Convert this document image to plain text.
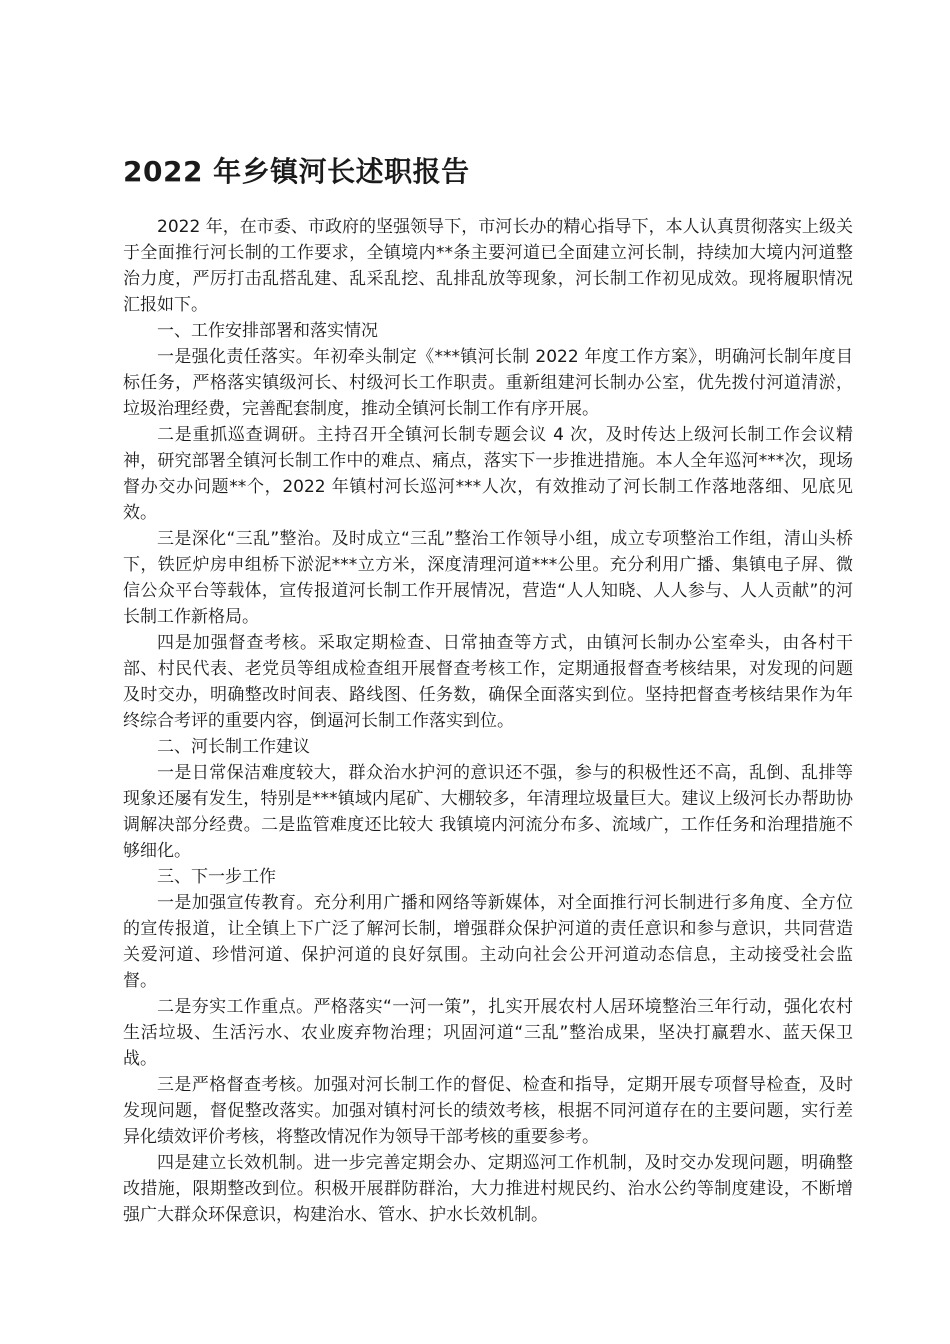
2022 年乡镇河长述职报告

2022 年，在市委、市政府的坚强领导下，市河长办的精心指导下，本人认真贯彻落实上级关于全面推行河长制的工作要求，全镇境内**条主要河道已全面建立河长制，持续加大境内河道整治力度，严厉打击乱搭乱建、乱采乱挖、乱排乱放等现象，河长制工作初见成效。现将履职情况汇报如下。

一、工作安排部署和落实情况

一是强化责任落实。年初牵头制定《***镇河长制 2022 年度工作方案》，明确河长制年度目标任务，严格落实镇级河长、村级河长工作职责。重新组建河长制办公室，优先拨付河道清淤，垃圾治理经费，完善配套制度，推动全镇河长制工作有序开展。

二是重抓巡查调研。主持召开全镇河长制专题会议 4 次，及时传达上级河长制工作会议精神，研究部署全镇河长制工作中的难点、痛点，落实下一步推进措施。本人全年巡河***次，现场督办交办问题**个，2022 年镇村河长巡河***人次，有效推动了河长制工作落地落细、见底见效。

三是深化“三乱”整治。及时成立“三乱”整治工作领导小组，成立专项整治工作组，清山头桥下，铁匠炉房申组桥下淤泥***立方米，深度清理河道***公里。充分利用广播、集镇电子屏、微信公众平台等载体，宣传报道河长制工作开展情况，营造“人人知晓、人人参与、人人贡献”的河长制工作新格局。

四是加强督查考核。采取定期检查、日常抽查等方式，由镇河长制办公室牵头，由各村干部、村民代表、老党员等组成检查组开展督查考核工作，定期通报督查考核结果，对发现的问题及时交办，明确整改时间表、路线图、任务数，确保全面落实到位。坚持把督查考核结果作为年终综合考评的重要内容，倒逼河长制工作落实到位。

二、河长制工作建议

一是日常保洁难度较大，群众治水护河的意识还不强，参与的积极性还不高，乱倒、乱排等现象还屡有发生，特别是***镇域内尾矿、大棚较多，年清理垃圾量巨大。建议上级河长办帮助协调解决部分经费。二是监管难度还比较大 我镇境内河流分布多、流域广，工作任务和治理措施不够细化。

三、下一步工作

一是加强宣传教育。充分利用广播和网络等新媒体，对全面推行河长制进行多角度、全方位的宣传报道，让全镇上下广泛了解河长制，增强群众保护河道的责任意识和参与意识，共同营造关爱河道、珍惜河道、保护河道的良好氛围。主动向社会公开河道动态信息，主动接受社会监督。

二是夯实工作重点。严格落实“一河一策”，扎实开展农村人居环境整治三年行动，强化农村生活垃圾、生活污水、农业废弃物治理；巩固河道“三乱”整治成果，坚决打赢碧水、蓝天保卫战。

三是严格督查考核。加强对河长制工作的督促、检查和指导，定期开展专项督导检查，及时发现问题，督促整改落实。加强对镇村河长的绩效考核，根据不同河道存在的主要问题，实行差异化绩效评价考核，将整改情况作为领导干部考核的重要参考。

四是建立长效机制。进一步完善定期会办、定期巡河工作机制，及时交办发现问题，明确整改措施，限期整改到位。积极开展群防群治，大力推进村规民约、治水公约等制度建设，不断增强广大群众环保意识，构建治水、管水、护水长效机制。
